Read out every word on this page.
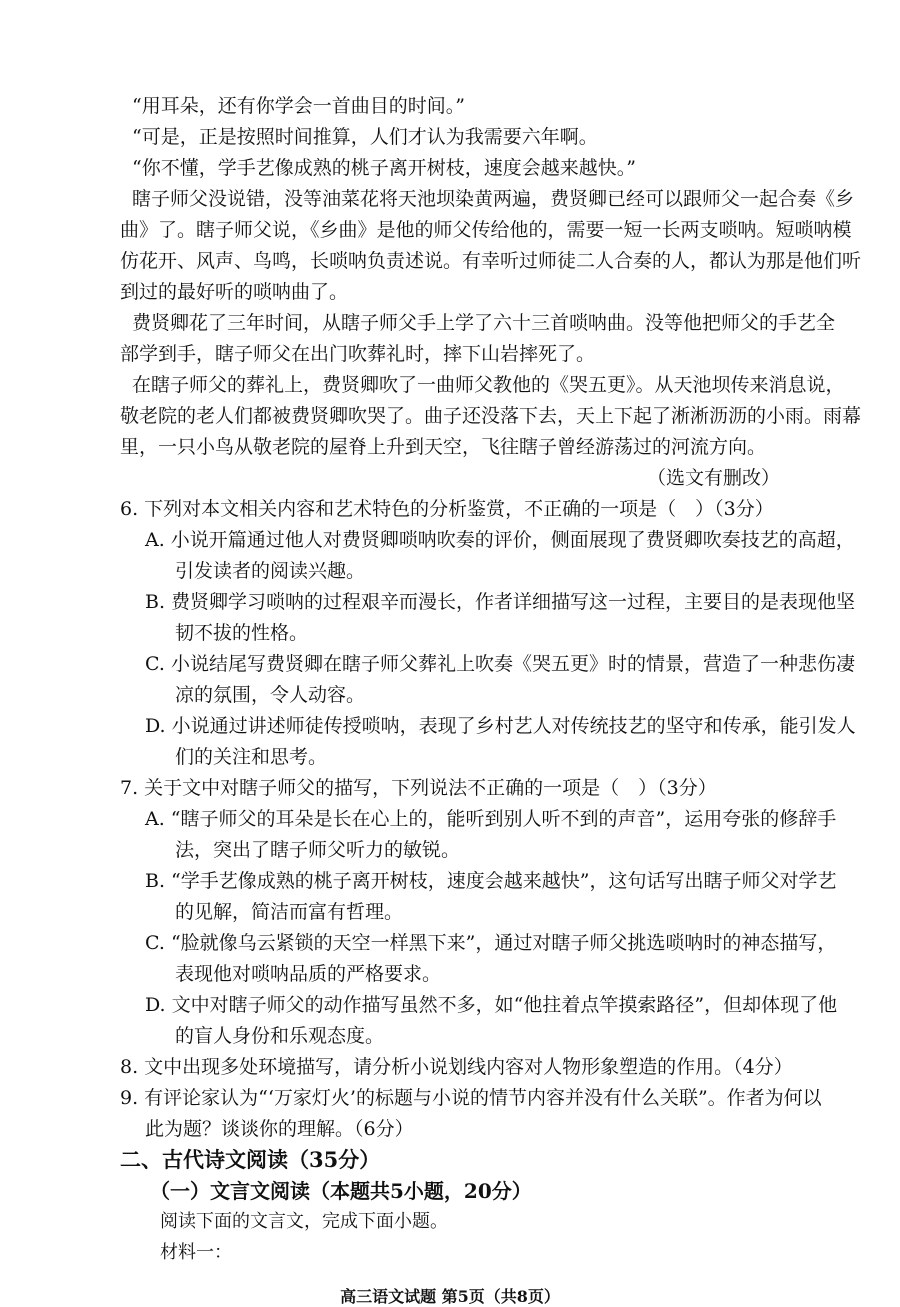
“用耳朵，还有你学会一首曲目的时间。”
“可是，正是按照时间推算，人们才认为我需要六年啊。
“你不懂，学手艺像成熟的桃子离开树枝，速度会越来越快。”
瞎子师父没说错，没等油菜花将天池坝染黄两遍，费贤卿已经可以跟师父一起合奏《乡
曲》了。瞎子师父说，《乡曲》是他的师父传给他的，需要一短一长两支唢呐。短唢呐模
仿花开、风声、鸟鸣，长唢呐负责述说。有幸听过师徒二人合奏的人，都认为那是他们听
到过的最好听的唢呐曲了。
费贤卿花了三年时间，从瞎子师父手上学了六十三首唢呐曲。没等他把师父的手艺全
部学到手，瞎子师父在出门吹葬礼时，摔下山岩摔死了。
在瞎子师父的葬礼上，费贤卿吹了一曲师父教他的《哭五更》。从天池坝传来消息说，
敬老院的老人们都被费贤卿吹哭了。曲子还没落下去，天上下起了淅淅沥沥的小雨。雨幕
里，一只小鸟从敬老院的屋脊上升到天空，飞往瞎子曾经游荡过的河流方向。
（选文有删改）
6. 下列对本文相关内容和艺术特色的分析鉴赏，不正确的一项是（　）（3分）
A. 小说开篇通过他人对费贤卿唢呐吹奏的评价，侧面展现了费贤卿吹奏技艺的高超，
引发读者的阅读兴趣。
B. 费贤卿学习唢呐的过程艰辛而漫长，作者详细描写这一过程，主要目的是表现他坚
韧不拔的性格。
C. 小说结尾写费贤卿在瞎子师父葬礼上吹奏《哭五更》时的情景，营造了一种悲伤凄
凉的氛围，令人动容。
D. 小说通过讲述师徒传授唢呐，表现了乡村艺人对传统技艺的坚守和传承，能引发人
们的关注和思考。
7. 关于文中对瞎子师父的描写，下列说法不正确的一项是（　）（3分）
A. “瞎子师父的耳朵是长在心上的，能听到别人听不到的声音”，运用夸张的修辞手
法，突出了瞎子师父听力的敏锐。
B. “学手艺像成熟的桃子离开树枝，速度会越来越快”，这句话写出瞎子师父对学艺
的见解，简洁而富有哲理。
C. “脸就像乌云紧锁的天空一样黑下来”，通过对瞎子师父挑选唢呐时的神态描写，
表现他对唢呐品质的严格要求。
D. 文中对瞎子师父的动作描写虽然不多，如“他拄着点竿摸索路径”，但却体现了他
的盲人身份和乐观态度。
8. 文中出现多处环境描写，请分析小说划线内容对人物形象塑造的作用。（4分）
9. 有评论家认为“‘万家灯火’的标题与小说的情节内容并没有什么关联”。作者为何以
高三语文试题 第5页（共8页）
此为题？谈谈你的理解。（6分）
二、古代诗文阅读（35分）
（一）文言文阅读（本题共5小题，20分）
阅读下面的文言文，完成下面小题。
材料一：
